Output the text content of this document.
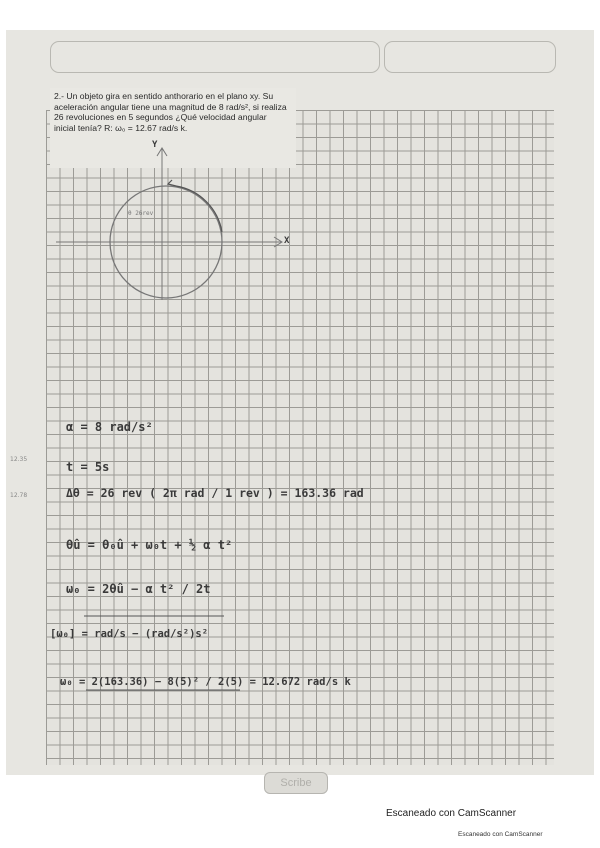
2.- Un objeto gira en sentido anthorario en el plano xy. Su
aceleración angular tiene una magnitud de 8 rad/s², si realiza
26 revoluciones en 5 segundos ¿Qué velocidad angular
inicial tenía? R: ω₀ = 12.67 rad/s k.
Scribe
Y
X
θ 26rev
12.35
12.78
α = 8 rad/s²
t = 5s
Δθ = 26 rev ( 2π rad / 1 rev ) = 163.36 rad
θû = θ₀û + ω₀t + ½ α t²
ω₀ = 2θû − α t² / 2t
[ω₀] = rad/s − (rad/s²)s²
ω₀ = 2(163.36) − 8(5)² / 2(5) = 12.672 rad/s k
Escaneado con CamScanner
Escaneado con CamScanner
